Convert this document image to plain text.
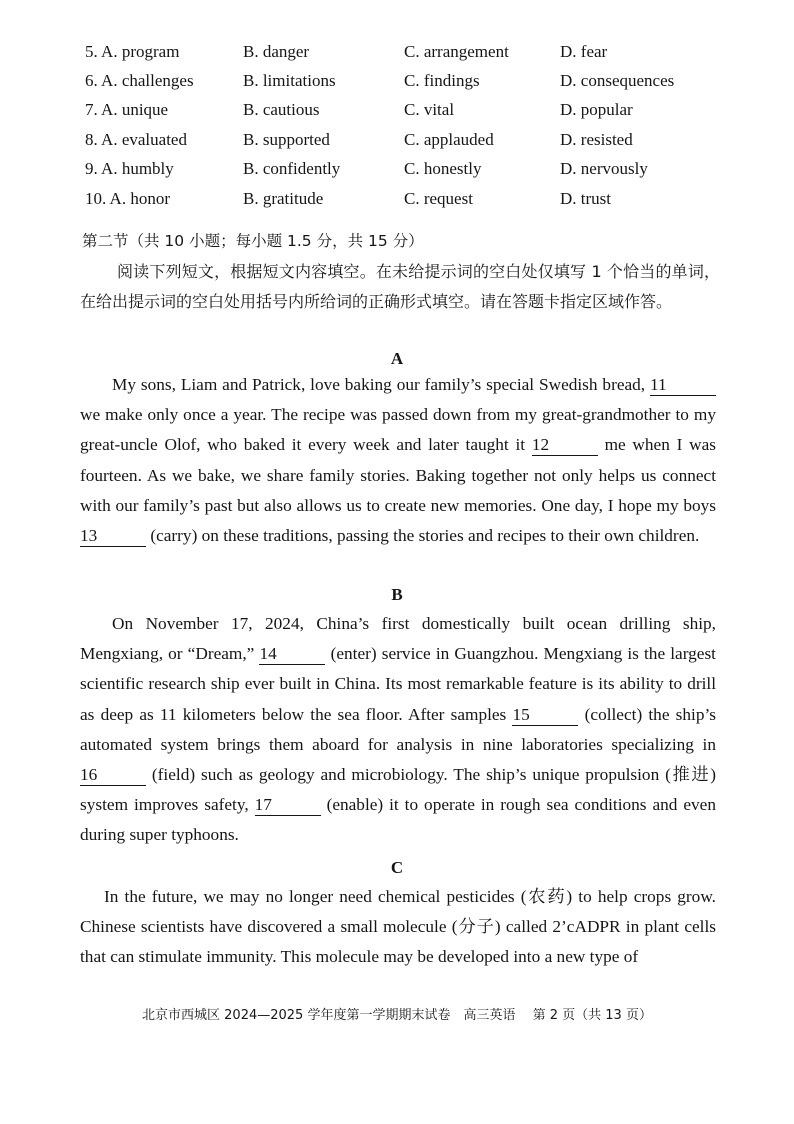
5. A. program	B. danger	C. arrangement	D. fear
6. A. challenges	B. limitations	C. findings	D. consequences
7. A. unique	B. cautious	C. vital	D. popular
8. A. evaluated	B. supported	C. applauded	D. resisted
9. A. humbly	B. confidently	C. honestly	D. nervously
10. A. honor	B. gratitude	C. request	D. trust
第二节（共 10 小题；每小题 1.5 分，共 15 分）
阅读下列短文，根据短文内容填空。在未给提示词的空白处仅填写 1 个恰当的单词，在给出提示词的空白处用括号内所给词的正确形式填空。请在答题卡指定区域作答。
A
My sons, Liam and Patrick, love baking our family’s special Swedish bread, 11 we make only once a year. The recipe was passed down from my great-grandmother to my great-uncle Olof, who baked it every week and later taught it 12	me when I was fourteen. As we bake, we share family stories. Baking together not only helps us connect with our family’s past but also allows us to create new memories. One day, I hope my boys 13	(carry) on these traditions, passing the stories and recipes to their own children.
B
On November 17, 2024, China’s first domestically built ocean drilling ship, Mengxiang, or “Dream,” 14	(enter) service in Guangzhou. Mengxiang is the largest scientific research ship ever built in China. Its most remarkable feature is its ability to drill as deep as 11 kilometers below the sea floor. After samples 15	(collect) the ship’s automated system brings them aboard for analysis in nine laboratories specializing in 16	(field) such as geology and microbiology. The ship’s unique propulsion (推进) system improves safety, 17	(enable) it to operate in rough sea conditions and even during super typhoons.
C
In the future, we may no longer need chemical pesticides (农药) to help crops grow. Chinese scientists have discovered a small molecule (分子) called 2’cADPR in plant cells that can stimulate immunity. This molecule may be developed into a new type of
北京市西城区 2024—2025 学年度第一学期期末试卷　高三英语　 第 2 页（共 13 页）
